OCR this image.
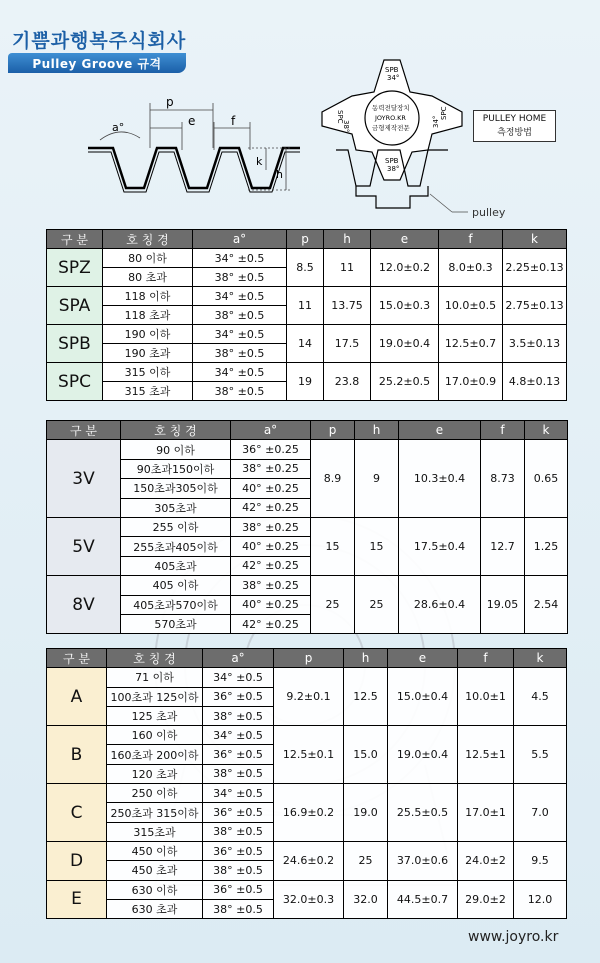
기쁨과행복주식회사
Pulley Groove 규격
a°
p
e	f
k
h
SPB
34°
SPC
38°
SPC
34°
동력전달장치
JOYRO.KR
금형제작전문
SPB
38°
pulley
PULLEY HOME
측정방법
구 분	호 칭 경	a°	p	h	e	f	k
SPZ	80 이하	34° ±0.5	8.5	11	12.0±0.2	8.0±0.3	2.25±0.13
	80 초과	38° ±0.5					
SPA	118 이하	34° ±0.5	11	13.75	15.0±0.3	10.0±0.5	2.75±0.13
	118 초과	38° ±0.5					
SPB	190 이하	34° ±0.5	14	17.5	19.0±0.4	12.5±0.7	3.5±0.13
	190 초과	38° ±0.5					
SPC	315 이하	34° ±0.5	19	23.8	25.2±0.5	17.0±0.9	4.8±0.13
	315 초과	38° ±0.5					
구 분	호 칭 경	a°	p	h	e	f	k
3V	90 이하	36° ±0.25	8.9	9	10.3±0.4	8.73	0.65
	90초과150이하	38° ±0.25					
	150초과305이하	40° ±0.25					
	305초과	42° ±0.25					
5V	255 이하	38° ±0.25	15	15	17.5±0.4	12.7	1.25
	255초과405이하	40° ±0.25					
	405초과	42° ±0.25					
8V	405 이하	38° ±0.25	25	25	28.6±0.4	19.05	2.54
	405초과570이하	40° ±0.25					
	570초과	42° ±0.25					
구 분	호 칭 경	a°	p	h	e	f	k
A	71 이하	34° ±0.5	9.2±0.1	12.5	15.0±0.4	10.0±1	4.5
	100초과 125이하	36° ±0.5					
	125 초과	38° ±0.5					
B	160 이하	34° ±0.5	12.5±0.1	15.0	19.0±0.4	12.5±1	5.5
	160초과 200이하	36° ±0.5					
	120 초과	38° ±0.5					
C	250 이하	34° ±0.5	16.9±0.2	19.0	25.5±0.5	17.0±1	7.0
	250초과 315이하	36° ±0.5					
	315초과	38° ±0.5					
D	450 이하	36° ±0.5	24.6±0.2	25	37.0±0.6	24.0±2	9.5
	450 초과	38° ±0.5					
E	630 이하	36° ±0.5	32.0±0.3	32.0	44.5±0.7	29.0±2	12.0
	630 초과	38° ±0.5					
www.joyro.kr
